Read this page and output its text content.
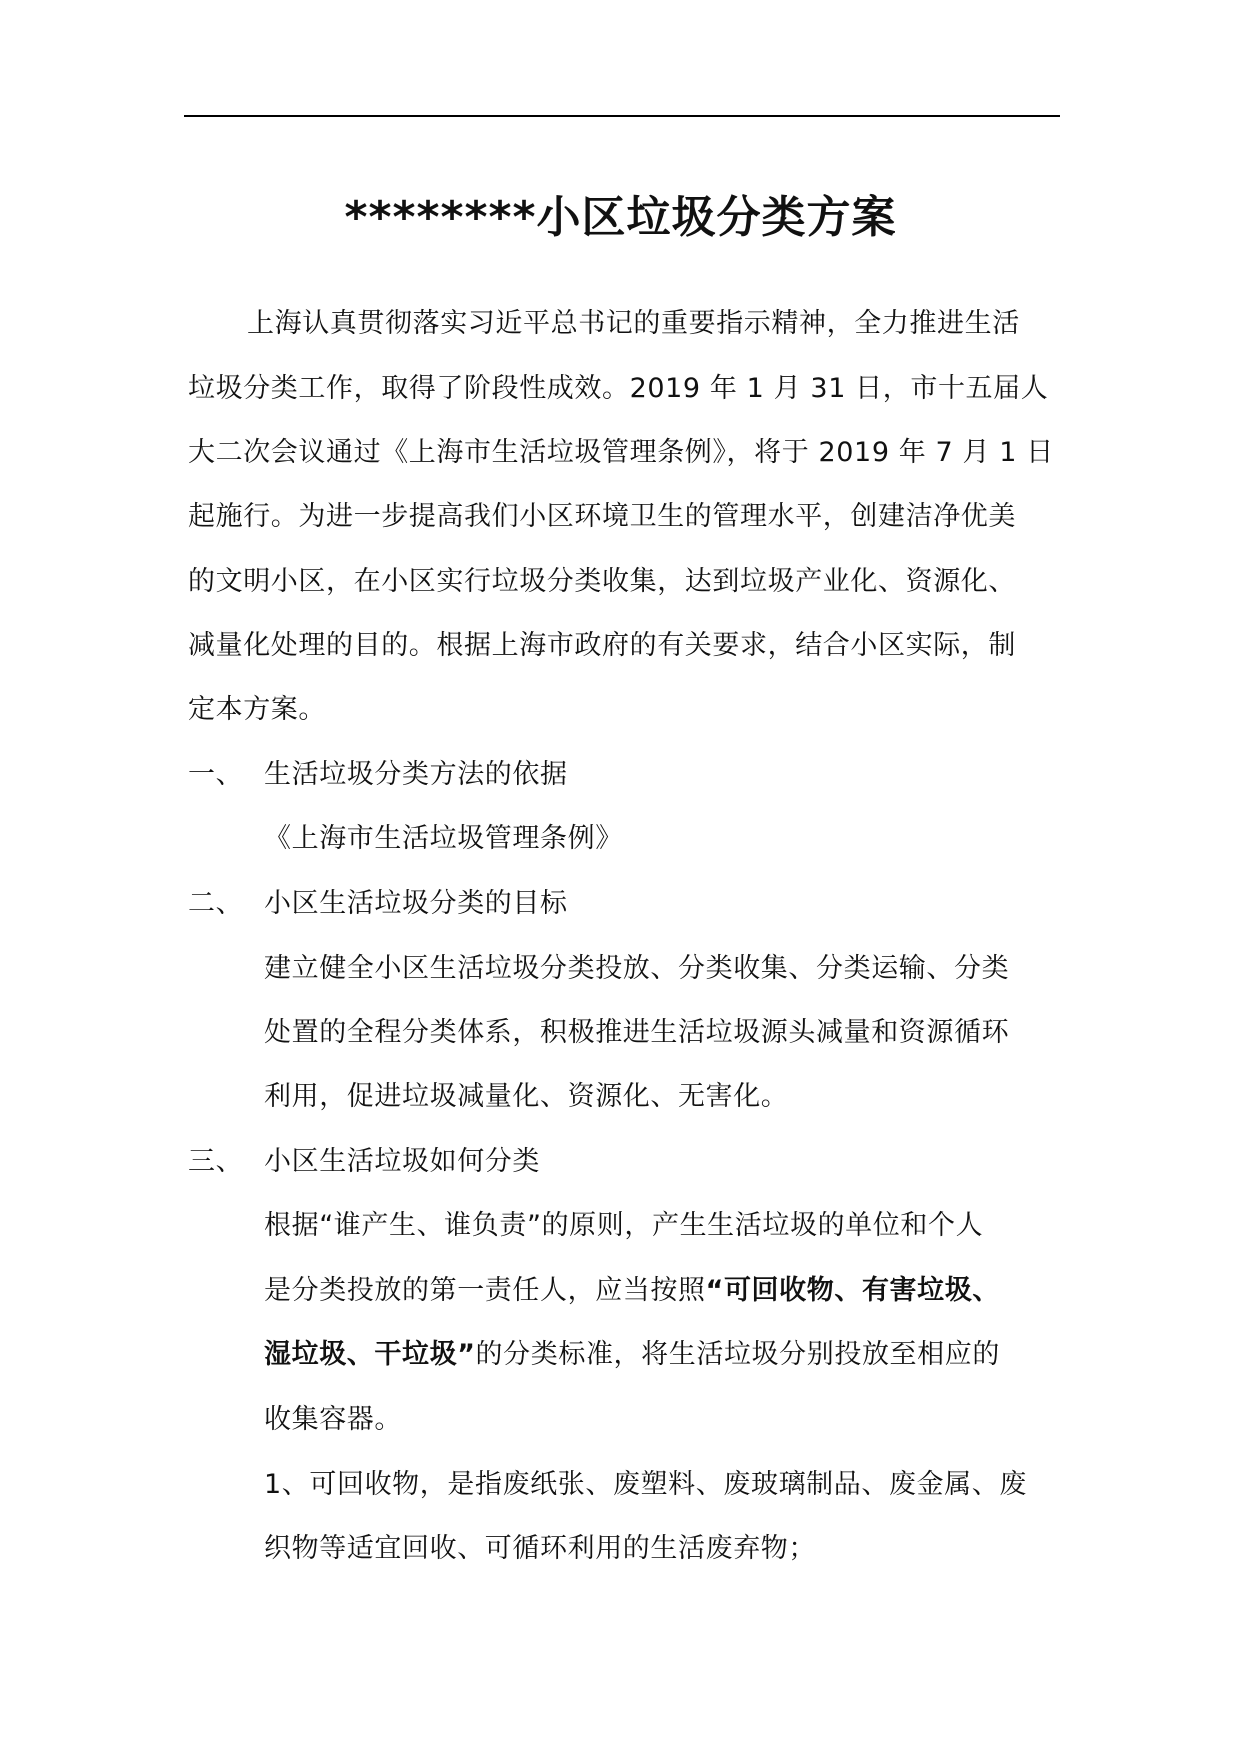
********小区垃圾分类方案
上海认真贯彻落实习近平总书记的重要指示精神，全力推进生活
垃圾分类工作，取得了阶段性成效。2019 年 1 月 31 日，市十五届人
大二次会议通过《上海市生活垃圾管理条例》，将于 2019 年 7 月 1 日
起施行。为进一步提高我们小区环境卫生的管理水平，创建洁净优美
的文明小区，在小区实行垃圾分类收集，达到垃圾产业化、资源化、
减量化处理的目的。根据上海市政府的有关要求，结合小区实际，制
定本方案。
一、 生活垃圾分类方法的依据
《上海市生活垃圾管理条例》
二、 小区生活垃圾分类的目标
建立健全小区生活垃圾分类投放、分类收集、分类运输、分类
处置的全程分类体系，积极推进生活垃圾源头减量和资源循环
利用，促进垃圾减量化、资源化、无害化。
三、 小区生活垃圾如何分类
根据“谁产生、谁负责”的原则，产生生活垃圾的单位和个人
是分类投放的第一责任人，应当按照“可回收物、有害垃圾、
湿垃圾、干垃圾”的分类标准，将生活垃圾分别投放至相应的
收集容器。
1、可回收物，是指废纸张、废塑料、废玻璃制品、废金属、废
织物等适宜回收、可循环利用的生活废弃物；
